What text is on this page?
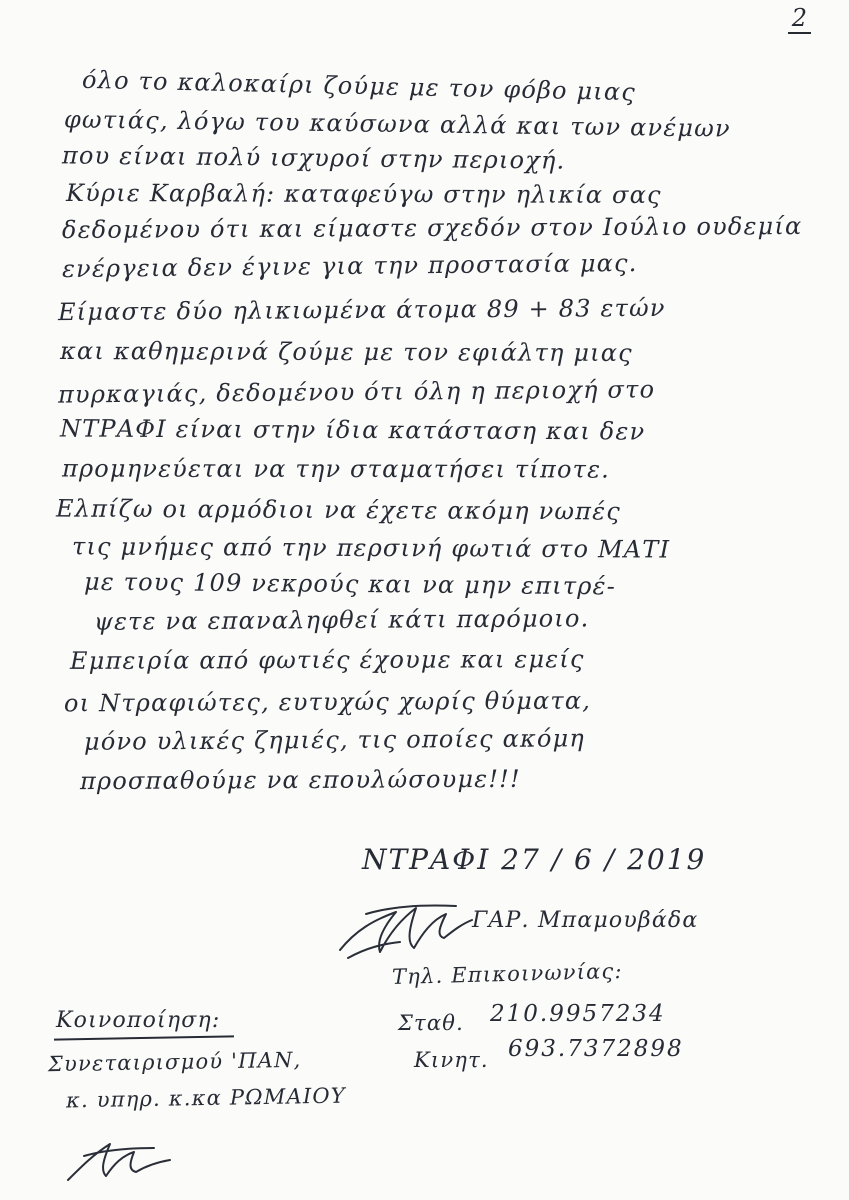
2
όλο το καλοκαίρι ζούμε με τον φόβο μιας
φωτιάς, λόγω του καύσωνα αλλά και των ανέμων
που είναι πολύ ισχυροί στην περιοχή.
Κύριε Καρβαλή: καταφεύγω στην ηλικία σας
δεδομένου ότι και είμαστε σχεδόν στον Ιούλιο ουδεμία
ενέργεια δεν έγινε για την προστασία μας.
Είμαστε δύο ηλικιωμένα άτομα 89 + 83 ετών
και καθημερινά ζούμε με τον εφιάλτη μιας
πυρκαγιάς, δεδομένου ότι όλη η περιοχή στο
ΝΤΡΑΦΙ είναι στην ίδια κατάσταση και δεν
προμηνεύεται να την σταματήσει τίποτε.
Ελπίζω οι αρμόδιοι να έχετε ακόμη νωπές
τις μνήμες από την περσινή φωτιά στο ΜΑΤΙ
με τους 109 νεκρούς και να μην επιτρέ-
ψετε να επαναληφθεί κάτι παρόμοιο.
Εμπειρία από φωτιές έχουμε και εμείς
οι Ντραφιώτες, ευτυχώς χωρίς θύματα,
μόνο υλικές ζημιές, τις οποίες ακόμη
προσπαθούμε να επουλώσουμε!!!
ΝΤΡΑΦΙ 27 / 6 / 2019
ΓΑΡ. Μπαμουβάδα
Τηλ. Επικοινωνίας:
Σταθ. 210.9957234
Κινητ. 693.7372898
Κοινοποίηση:
Συνεταιρισμού 'ΠΑΝ,
κ. υπηρ. κ.κα ΡΩΜΑΙΟΥ
